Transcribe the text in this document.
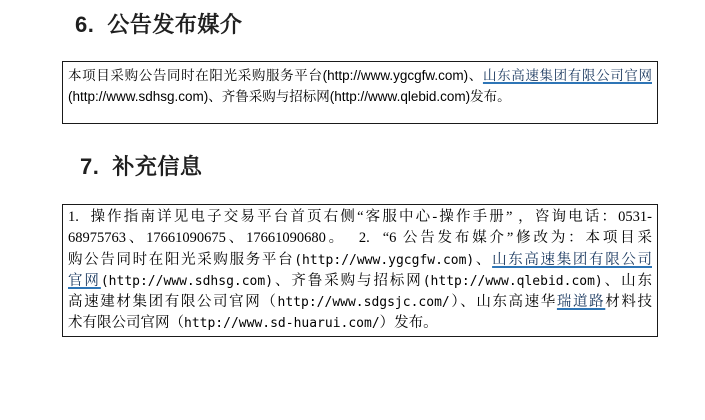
6. 公告发布媒介
本项目采购公告同时在阳光采购服务平台(http://www.ygcgfw.com)、山东高速集团有限公司官网
(http://www.sdhsg.com)、齐鲁采购与招标网(http://www.qlebid.com)发布。
7. 补充信息
1.  操作指南详见电子交易平台首页右侧“客服中心-操作手册” ，咨询电话：0531-
68975763、17661090675、17661090680。  2.  “6 公告发布媒介”修改为：本项目采
购公告同时在阳光采购服务平台(http://www.ygcgfw.com)、山东高速集团有限公司
官网(http://www.sdhsg.com)、齐鲁采购与招标网(http://www.qlebid.com)、山东
高速建材集团有限公司官网（http://www.sdgsjc.com/）、山东高速华瑞道路材料技
术有限公司官网（http://www.sd-huarui.com/）发布。
